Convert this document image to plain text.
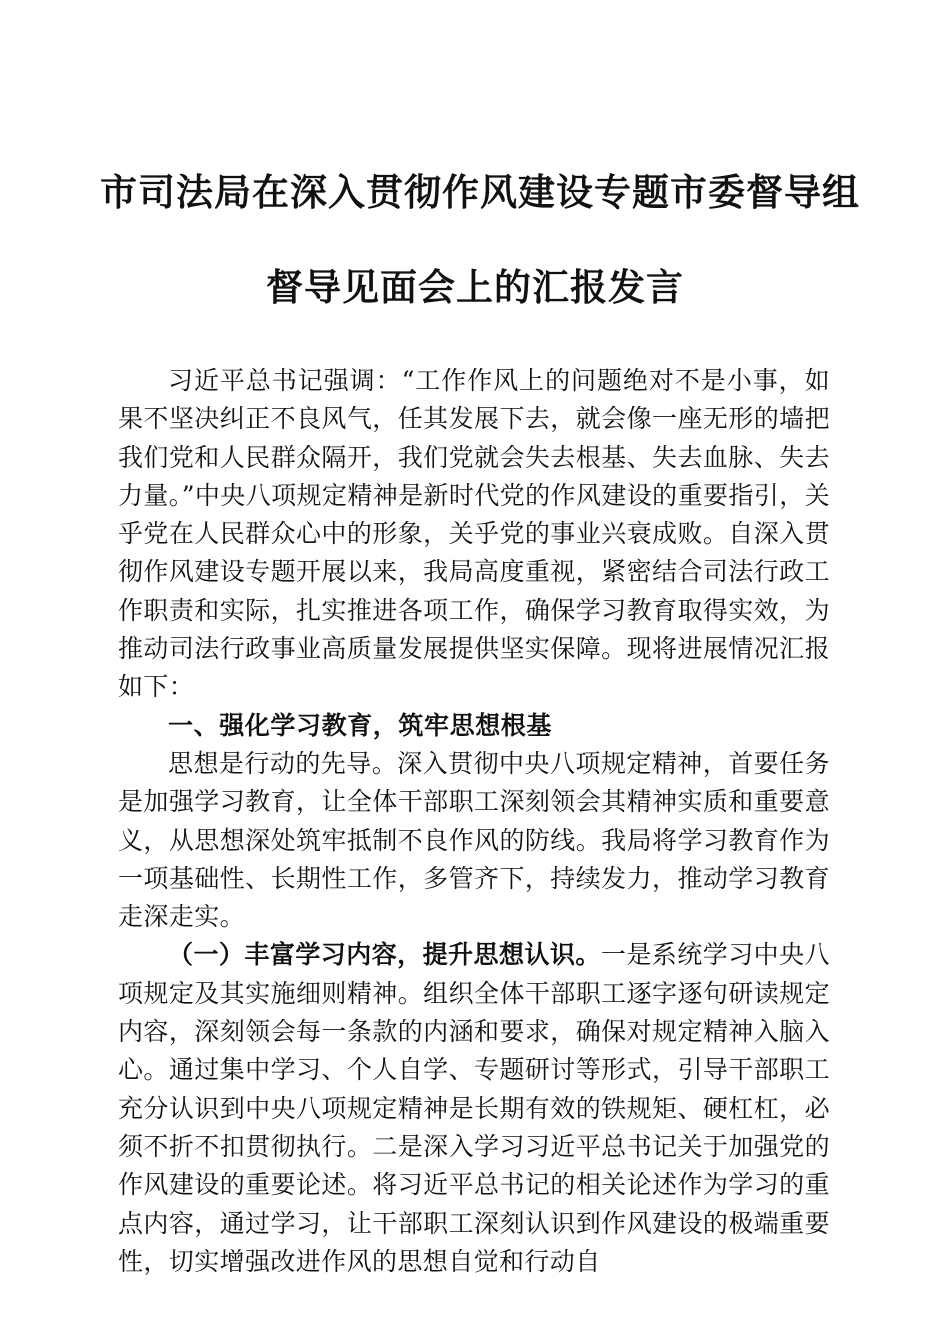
市司法局在深入贯彻作风建设专题市委督导组
督导见面会上的汇报发言

习近平总书记强调：“工作作风上的问题绝对不是小事，如果不坚决纠正不良风气，任其发展下去，就会像一座无形的墙把我们党和人民群众隔开，我们党就会失去根基、失去血脉、失去力量。”中央八项规定精神是新时代党的作风建设的重要指引，关乎党在人民群众心中的形象，关乎党的事业兴衰成败。自深入贯彻作风建设专题开展以来，我局高度重视，紧密结合司法行政工作职责和实际，扎实推进各项工作，确保学习教育取得实效，为推动司法行政事业高质量发展提供坚实保障。现将进展情况汇报如下：

一、强化学习教育，筑牢思想根基

思想是行动的先导。深入贯彻中央八项规定精神，首要任务是加强学习教育，让全体干部职工深刻领会其精神实质和重要意义，从思想深处筑牢抵制不良作风的防线。我局将学习教育作为一项基础性、长期性工作，多管齐下，持续发力，推动学习教育走深走实。

（一）丰富学习内容，提升思想认识。一是系统学习中央八项规定及其实施细则精神。组织全体干部职工逐字逐句研读规定内容，深刻领会每一条款的内涵和要求，确保对规定精神入脑入心。通过集中学习、个人自学、专题研讨等形式，引导干部职工充分认识到中央八项规定精神是长期有效的铁规矩、硬杠杠，必须不折不扣贯彻执行。二是深入学习习近平总书记关于加强党的作风建设的重要论述。将习近平总书记的相关论述作为学习的重点内容，通过学习，让干部职工深刻认识到作风建设的极端重要性，切实增强改进作风的思想自觉和行动自
